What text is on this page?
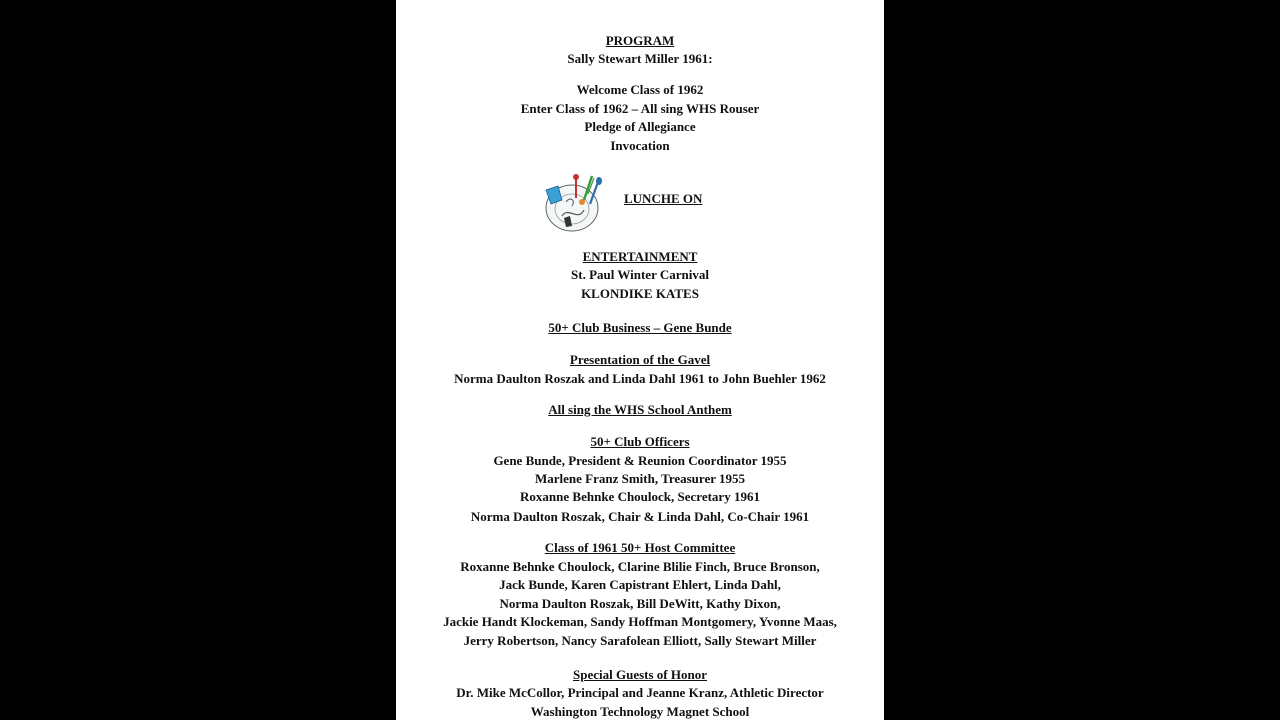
PROGRAM
Sally Stewart Miller 1961:
Welcome Class of 1962
Enter Class of 1962 – All sing WHS Rouser
Pledge of Allegiance
Invocation
LUNCHE ON
ENTERTAINMENT
St. Paul Winter Carnival
KLONDIKE KATES
50+ Club Business – Gene Bunde
Presentation of the Gavel
Norma Daulton Roszak and Linda Dahl 1961 to John Buehler 1962
All sing the WHS School Anthem
50+ Club Officers
Gene Bunde, President & Reunion Coordinator 1955
Marlene Franz Smith, Treasurer 1955
Roxanne Behnke Choulock, Secretary 1961
Norma Daulton Roszak, Chair & Linda Dahl, Co-Chair 1961
Class of 1961 50+ Host Committee
Roxanne Behnke Choulock, Clarine Blilie Finch, Bruce Bronson,
Jack Bunde, Karen Capistrant Ehlert, Linda Dahl,
Norma Daulton Roszak, Bill DeWitt, Kathy Dixon,
Jackie Handt Klockeman, Sandy Hoffman Montgomery, Yvonne Maas,
Jerry Robertson, Nancy Sarafolean Elliott, Sally Stewart Miller
Special Guests of Honor
Dr. Mike McCollor, Principal and Jeanne Kranz, Athletic Director
Washington Technology Magnet School
